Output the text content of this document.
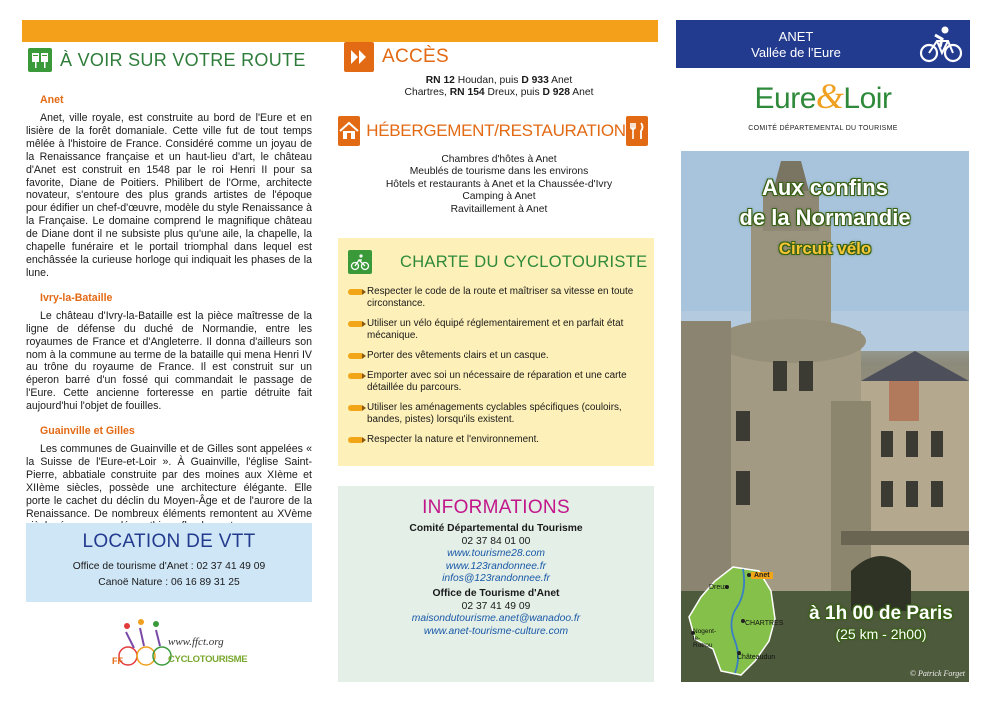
À VOIR SUR VOTRE ROUTE
Anet

Anet, ville royale, est construite au bord de l'Eure et en lisière de la forêt domaniale. Cette ville fut de tout temps mêlée à l'histoire de France. Considéré comme un joyau de la Renaissance française et un haut-lieu d'art, le château d'Anet est construit en 1548 par le roi Henri II pour sa favorite, Diane de Poitiers. Philibert de l'Orme, architecte novateur, s'entoure des plus grands artistes de l'époque pour édifier un chef-d'œuvre, modèle du style Renaissance à la Française. Le domaine comprend le magnifique château de Diane dont il ne subsiste plus qu'une aile, la chapelle, la chapelle funéraire et le portail triomphal dans lequel est enchâssée la curieuse horloge qui indiquait les phases de la lune.

Ivry-la-Bataille

Le château d'Ivry-la-Bataille est la pièce maîtresse de la ligne de défense du duché de Normandie, entre les royaumes de France et d'Angleterre. Il donna d'ailleurs son nom à la commune au terme de la bataille qui mena Henri IV au trône du royaume de France. Il est construit sur un éperon barré d'un fossé qui commandait le passage de l'Eure. Cette ancienne forteresse en partie détruite fait aujourd'hui l'objet de fouilles.

Guainville et Gilles

Les communes de Guainville et de Gilles sont appelées « la Suisse de l'Eure-et-Loir ». À Guainville, l'église Saint-Pierre, abbatiale construite par des moines aux XIème et XIIème siècles, possède une architecture élégante. Elle porte le cachet du déclin du Moyen-Âge et de l'aurore de la Renaissance. De nombreux éléments remontent au XVème

LOCATION DE VTT
Office de tourisme d'Anet : 02 37 41 49 09
Canoë Nature : 06 16 89 31 25
www.ffct.org
FF	CYCLOTOURISME
ACCÈS
RN 12 Houdan, puis D 933 Anet
Chartres, RN 154 Dreux, puis D 928 Anet
HÉBERGEMENT/RESTAURATION
Chambres d'hôtes à Anet
Meublés de tourisme dans les environs
Hôtels et restaurants à Anet et la Chaussée-d'Ivry
Camping à Anet
Ravitaillement à Anet
CHARTE DU CYCLOTOURISTE
Respecter le code de la route et maîtriser sa vitesse en toute circonstance.
Utiliser un vélo équipé réglementairement et en parfait état mécanique.
Porter des vêtements clairs et un casque.
Emporter avec soi un nécessaire de réparation et une carte détaillée du parcours.
Utiliser les aménagements cyclables spécifiques (couloirs, bandes, pistes) lorsqu'ils existent.
Respecter la nature et l'environnement.
INFORMATIONS
Comité Départemental du Tourisme
02 37 84 01 00
www.tourisme28.com
www.123randonnee.fr
infos@123randonnee.fr
Office de Tourisme d'Anet
02 37 41 49 09
maisondutourisme.anet@wanadoo.fr
www.anet-tourisme-culture.com
ANET
Vallée de l'Eure
Eure&Loir
COMITÉ DÉPARTEMENTAL DU TOURISME
Aux confins
de la Normandie
Circuit vélo
Anet
Dreux
CHARTRES
Nogent-le-Rotrou
Châteaudun
à 1h 00 de Paris
(25 km - 2h00)
© Patrick Forget
